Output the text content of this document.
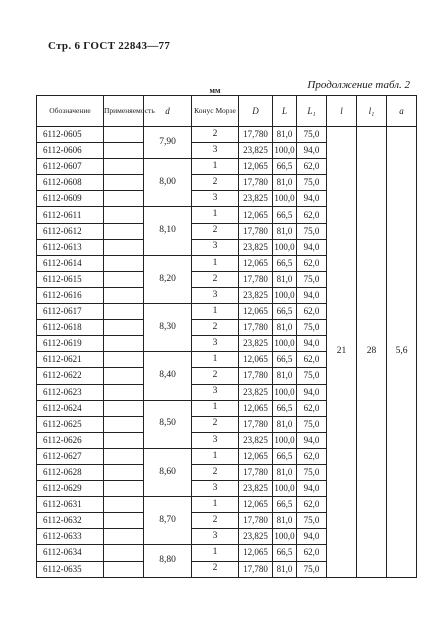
Стр. 6 ГОСТ 22843—77
Продолжение табл. 2
мм
Обозначение	Применяемость	d	Конус Морзе	D	L	L₁	l	l₁	a
6112-0605		7,90	2	17,780	81,0	75,0	21	28	5,6
6112-0606			3	23,825	100,0	94,0			
6112-0607		8,00	1	12,065	66,5	62,0			
6112-0608			2	17,780	81,0	75,0			
6112-0609			3	23,825	100,0	94,0			
6112-0611		8,10	1	12,065	66,5	62,0			
6112-0612			2	17,780	81,0	75,0			
6112-0613			3	23,825	100,0	94,0			
6112-0614		8,20	1	12,065	66,5	62,0			
6112-0615			2	17,780	81,0	75,0			
6112-0616			3	23,825	100,0	94,0			
6112-0617		8,30	1	12,065	66,5	62,0			
6112-0618			2	17,780	81,0	75,0			
6112-0619			3	23,825	100,0	94,0			
6112-0621		8,40	1	12,065	66,5	62,0			
6112-0622			2	17,780	81,0	75,0			
6112-0623			3	23,825	100,0	94,0			
6112-0624		8,50	1	12,065	66,5	62,0			
6112-0625			2	17,780	81,0	75,0			
6112-0626			3	23,825	100,0	94,0			
6112-0627		8,60	1	12,065	66,5	62,0			
6112-0628			2	17,780	81,0	75,0			
6112-0629			3	23,825	100,0	94,0			
6112-0631		8,70	1	12,065	66,5	62,0			
6112-0632			2	17,780	81,0	75,0			
6112-0633			3	23,825	100,0	94,0			
6112-0634		8,80	1	12,065	66,5	62,0			
6112-0635			2	17,780	81,0	75,0			
